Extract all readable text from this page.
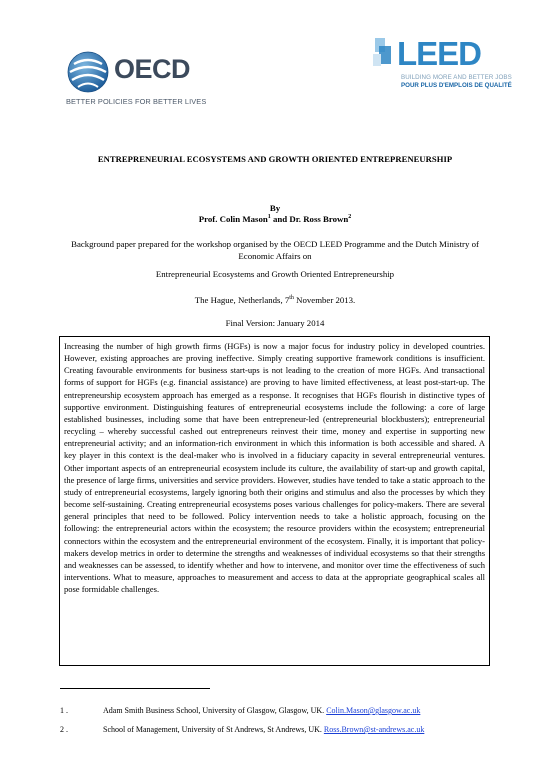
OECD
BETTER POLICIES FOR BETTER LIVES
LEED
BUILDING MORE AND BETTER JOBS
POUR PLUS D'EMPLOIS DE QUALITÉ
ENTREPRENEURIAL ECOSYSTEMS AND GROWTH ORIENTED ENTREPRENEURSHIP
By
Prof. Colin Mason$^1$ and Dr. Ross Brown$^2$
Background paper prepared for the workshop organised by the OECD LEED Programme and the Dutch Ministry of Economic Affairs on
Entrepreneurial Ecosystems and Growth Oriented Entrepreneurship
The Hague, Netherlands, 7th November 2013.
Final Version: January 2014
Increasing the number of high growth firms (HGFs) is now a major focus for industry policy in developed countries. However, existing approaches are proving ineffective. Simply creating supportive framework conditions is insufficient. Creating favourable environments for business start-ups is not leading to the creation of more HGFs. And transactional forms of support for HGFs (e.g. financial assistance) are proving to have limited effectiveness, at least post-start-up. The entrepreneurship ecosystem approach has emerged as a response. It recognises that HGFs flourish in distinctive types of supportive environment. Distinguishing features of entrepreneurial ecosystems include the following: a core of large established businesses, including some that have been entrepreneur-led (entrepreneurial blockbusters); entrepreneurial recycling – whereby successful cashed out entrepreneurs reinvest their time, money and expertise in supporting new entrepreneurial activity; and an information-rich environment in which this information is both accessible and shared. A key player in this context is the deal-maker who is involved in a fiduciary capacity in several entrepreneurial ventures. Other important aspects of an entrepreneurial ecosystem include its culture, the availability of start-up and growth capital, the presence of large firms, universities and service providers. However, studies have tended to take a static approach to the study of entrepreneurial ecosystems, largely ignoring both their origins and stimulus and also the processes by which they become self-sustaining. Creating entrepreneurial ecosystems poses various challenges for policy-makers. There are several general principles that need to be followed. Policy intervention needs to take a holistic approach, focusing on the following: the entrepreneurial actors within the ecosystem; the resource providers within the ecosystem; entrepreneurial connectors within the ecosystem and the entrepreneurial environment of the ecosystem. Finally, it is important that policy-makers develop metrics in order to determine the strengths and weaknesses of individual ecosystems so that their strengths and weaknesses can be assessed, to identify whether and how to intervene, and monitor over time the effectiveness of such interventions. What to measure, approaches to measurement and access to data at the appropriate geographical scales all pose formidable challenges.
1 .	Adam Smith Business School, University of Glasgow, Glasgow, UK. Colin.Mason@glasgow.ac.uk
2 .	School of Management, University of St Andrews, St Andrews, UK. Ross.Brown@st-andrews.ac.uk
